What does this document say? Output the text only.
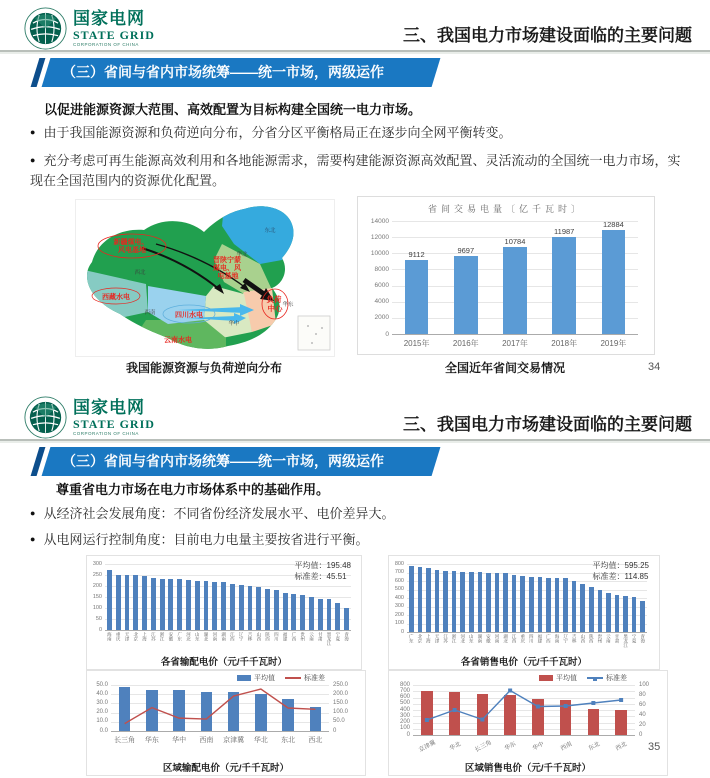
国家电网
STATE GRID
CORPORATION OF CHINA	三、我国电力市场建设面临的主要问题
（三）省间与省内市场统筹——统一市场，两级运作
以促进能源资源大范围、高效配置为目标构建全国统一电力市场。
● 由于我国能源资源和负荷逆向分布，分省分区平衡格局正在逐步向全网平衡转变。
● 充分考虑可再生能源高效利用和各地能源需求，需要构建能源资源高效配置、灵活流动的全国统一电力市场，实现在全国范围内的资源优化配置。
新疆煤电、 风电基地
晋陕宁蒙 煤电、风 电基地
负荷 中心
西藏水电
四川水电
云南水电
西北
东北
华北
华东
华中
西南
我国能源资源与负荷逆向分布
省间交易电量〔亿千瓦时〕
0
2000
4000
6000
8000
10000
12000
14000
9112
9697
10784
11987
12884
2015年	2016年	2017年	2018年	2019年
全国近年省间交易情况	34
国家电网
STATE GRID
CORPORATION OF CHINA	三、我国电力市场建设面临的主要问题
（三）省间与省内市场统筹——统一市场，两级运作
尊重省电力市场在电力市场体系中的基础作用。
● 从经济社会发展角度：不同省份经济发展水平、电价差异大。
● 从电网运行控制角度：目前电力电量主要按省进行平衡。
平均值：195.48
标准差：45.51
0
50
100
150
200
250
300
海南 重庆 天津 北京 上海 江苏 浙江 安徽 广东 河北 山东 湖北 河南 湖南 江西 辽宁 吉林 山西 陕西 四川 福建 广西 贵州 云南 甘肃 黑龙江 宁夏 青海
各省输配电价（元/千千瓦时）
平均值：595.25
标准差：114.85
0
100
200
300
400
500
600
700
800
广东 北京 上海 天津 江苏 浙江 河北 山东 湖南 安徽 河南 湖北 江西 重庆 四川 福建 广西 海南 辽宁 吉林 山西 陕西 贵州 云南 甘肃 黑龙江 宁夏 青海
各省销售电价（元/千千瓦时）
平均值	标准差
0.0
10.0
20.0
30.0
40.0
50.0
0
50.0
100.0
150.0
200.0
250.0
长三角	华东	华中	西南	京津冀	华北	东北	西北
区域输配电价（元/千千瓦时）
平均值	标准差
0
100
200
300
400
500
600
700
800
0
20
40
60
80
100
京津冀	华北	长三角	华东	华中	西南	东北	西北
区域销售电价（元/千千瓦时）
35
